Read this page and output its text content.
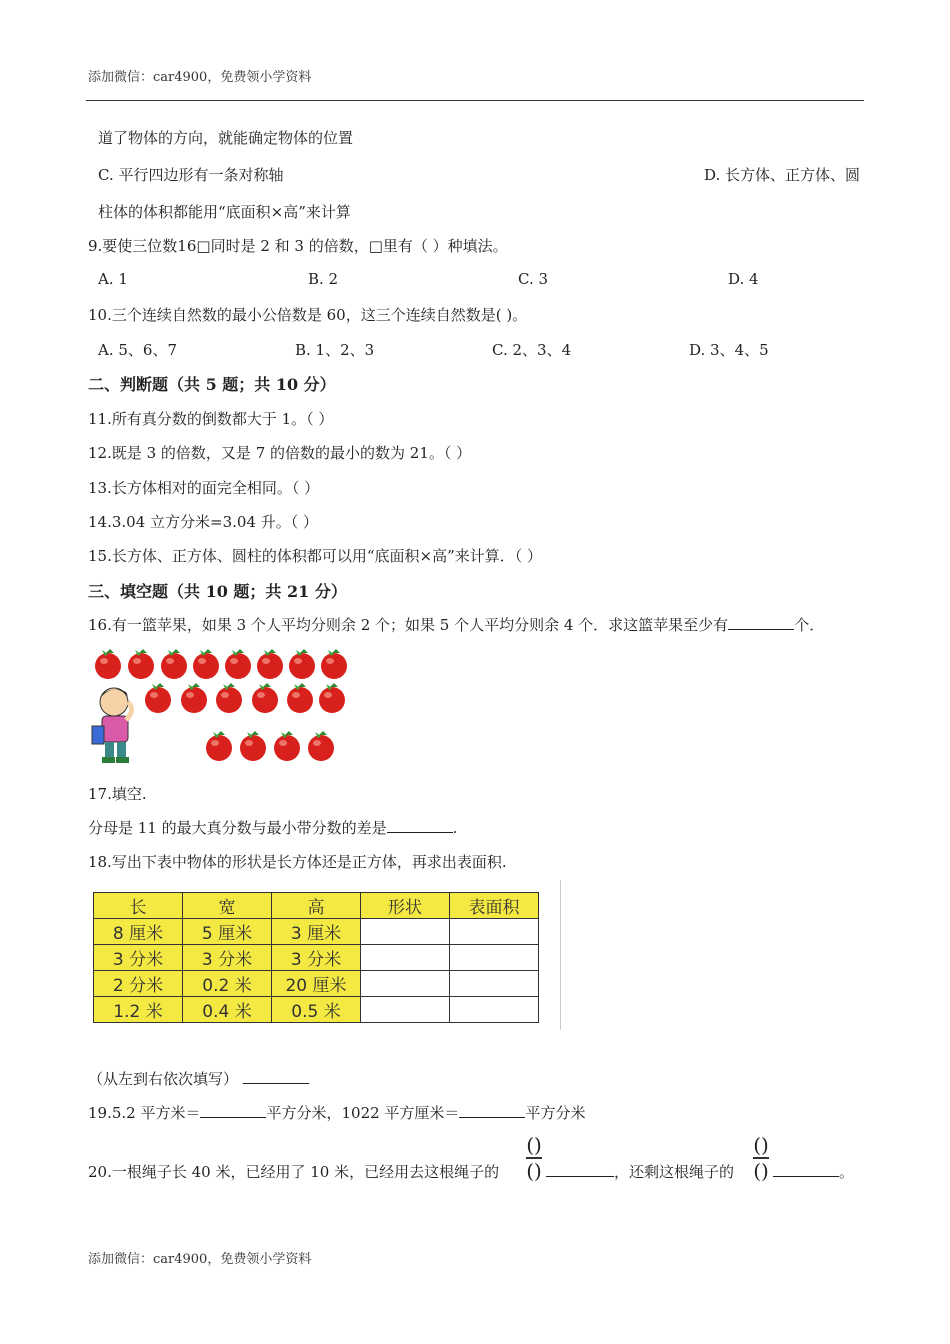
添加微信：car4900，免费领小学资料
道了物体的方向，就能确定物体的位置
C. 平行四边形有一条对称轴	D. 长方体、正方体、圆
柱体的体积都能用“底面积×高”来计算
9.要使三位数16□同时是 2 和 3 的倍数，□里有（ ）种填法。
A. 1	B. 2	C. 3	D. 4
10.三个连续自然数的最小公倍数是 60，这三个连续自然数是( )。
A. 5、6、7	B. 1、2、3	C. 2、3、4	D. 3、4、5
二、判断题（共 5 题；共 10 分）
11.所有真分数的倒数都大于 1。（ ）
12.既是 3 的倍数，又是 7 的倍数的最小的数为 21。（ ）
13.长方体相对的面完全相同。（ ）
14.3.04 立方分米=3.04 升。（ ）
15.长方体、正方体、圆柱的体积都可以用“底面积×高”来计算．（ ）
三、填空题（共 10 题；共 21 分）
16.有一篮苹果，如果 3 个人平均分则余 2 个；如果 5 个人平均分则余 4 个．求这篮苹果至少有	个．
17.填空.
分母是 11 的最大真分数与最小带分数的差是	.
18.写出下表中物体的形状是长方体还是正方体，再求出表面积.
长	宽	高	形状	表面积
8 厘米	5 厘米	3 厘米		
3 分米	3 分米	3 分米		
2 分米	0.2 米	20 厘米		
1.2 米	0.4 米	0.5 米		
（从左到右依次填写）
19.5.2 平方米＝	平方分米，1022 平方厘米＝	平方分米
20.一根绳子长 40 米，已经用了 10 米，已经用去这根绳子的
()
()	，还剩这根绳子的
()
()	。
添加微信：car4900，免费领小学资料
